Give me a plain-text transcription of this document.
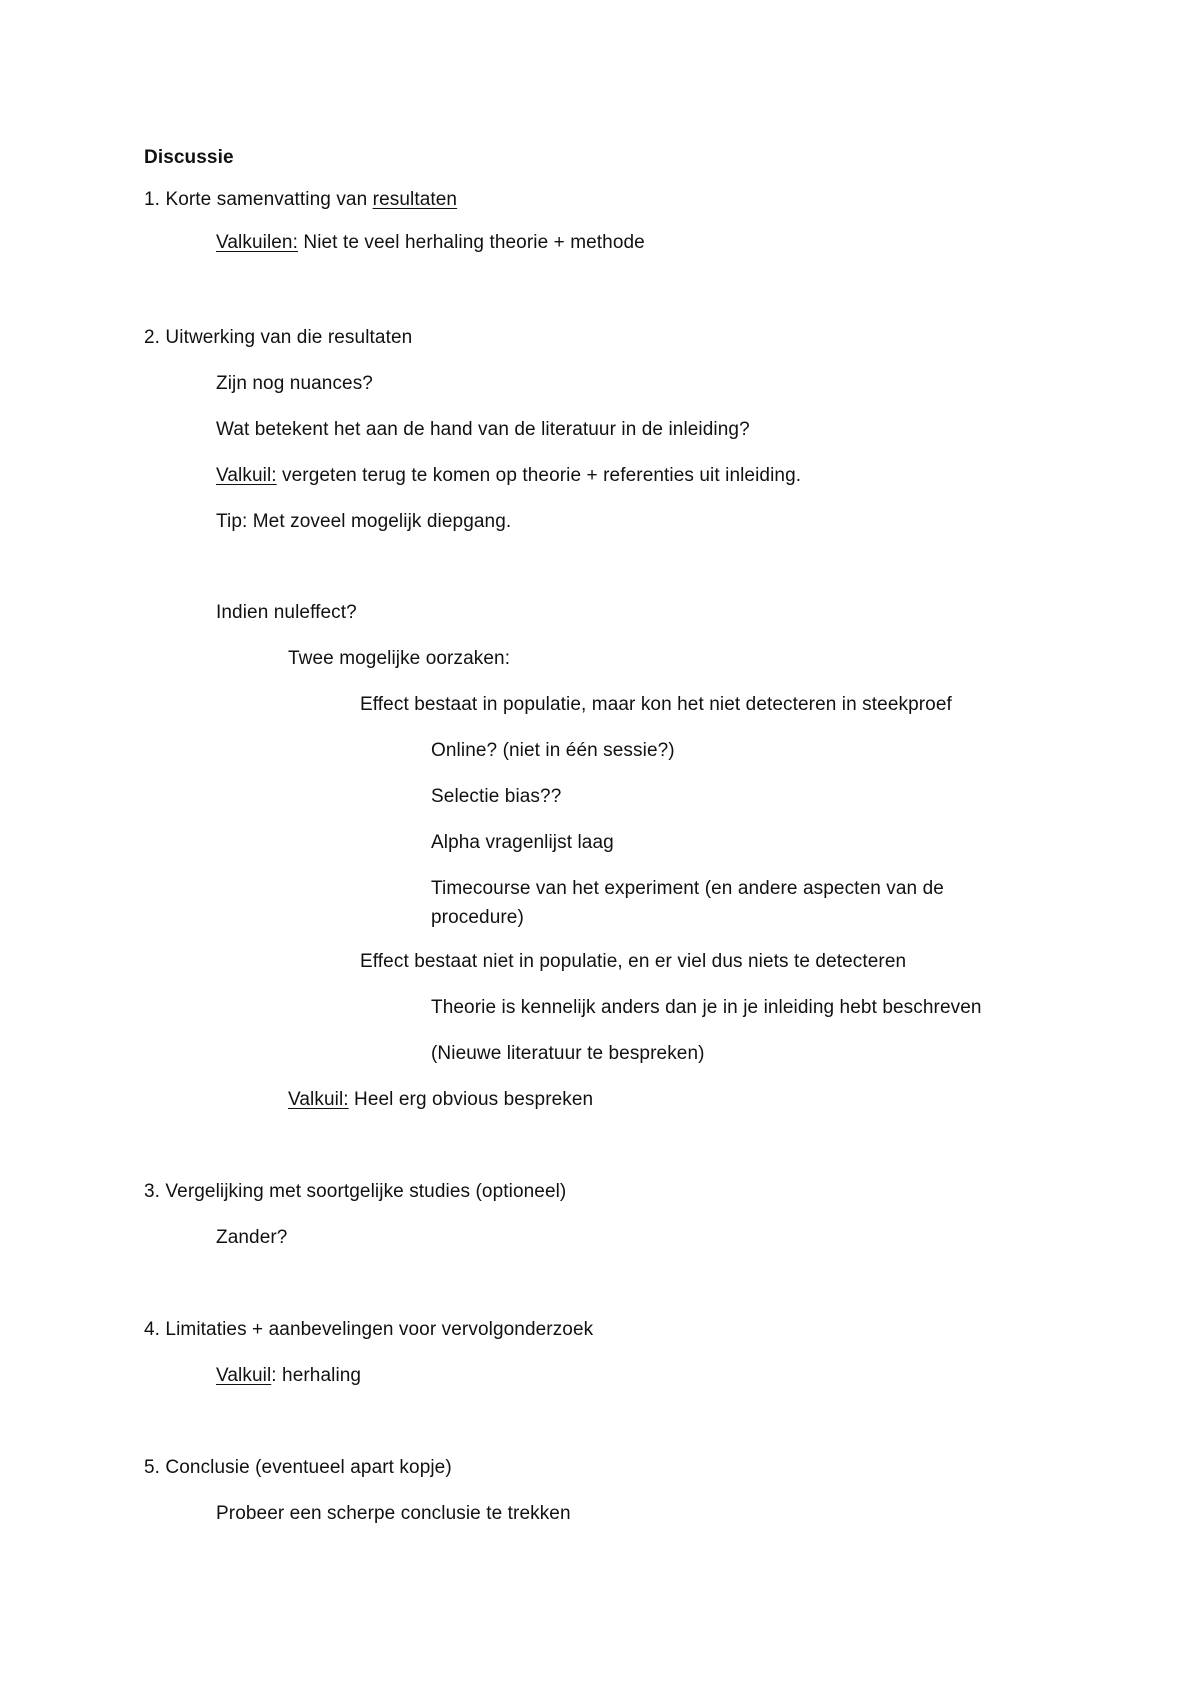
Discussie
1. Korte samenvatting van resultaten
Valkuilen: Niet te veel herhaling theorie + methode
2. Uitwerking van die resultaten
Zijn nog nuances?
Wat betekent het aan de hand van de literatuur in de inleiding?
Valkuil: vergeten terug te komen op theorie + referenties uit inleiding.
Tip: Met zoveel mogelijk diepgang.
Indien nuleffect?
Twee mogelijke oorzaken:
Effect bestaat in populatie, maar kon het niet detecteren in steekproef
Online? (niet in één sessie?)
Selectie bias??
Alpha vragenlijst laag
Timecourse van het experiment (en andere aspecten van de
procedure)
Effect bestaat niet in populatie, en er viel dus niets te detecteren
Theorie is kennelijk anders dan je in je inleiding hebt beschreven
(Nieuwe literatuur te bespreken)
Valkuil: Heel erg obvious bespreken
3. Vergelijking met soortgelijke studies (optioneel)
Zander?
4. Limitaties + aanbevelingen voor vervolgonderzoek
Valkuil: herhaling
5. Conclusie (eventueel apart kopje)
Probeer een scherpe conclusie te trekken
